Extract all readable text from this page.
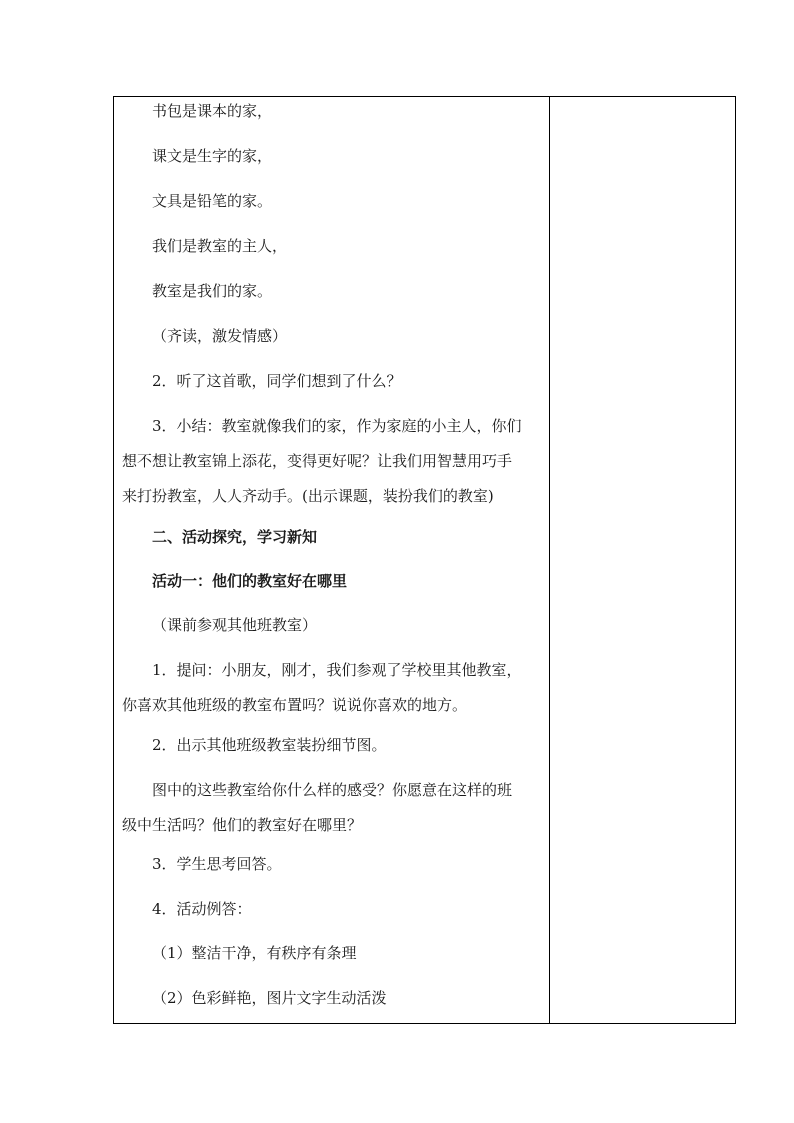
书包是课本的家，
课文是生字的家，
文具是铅笔的家。
我们是教室的主人，
教室是我们的家。
（齐读，激发情感）
2．听了这首歌，同学们想到了什么？
3．小结：教室就像我们的家，作为家庭的小主人，你们
想不想让教室锦上添花，变得更好呢？让我们用智慧用巧手
来打扮教室，人人齐动手。(出示课题，装扮我们的教室)
二、活动探究，学习新知
活动一：他们的教室好在哪里
（课前参观其他班教室）
1．提问：小朋友，刚才，我们参观了学校里其他教室，
你喜欢其他班级的教室布置吗？说说你喜欢的地方。
2．出示其他班级教室装扮细节图。
图中的这些教室给你什么样的感受？你愿意在这样的班
级中生活吗？他们的教室好在哪里？
3．学生思考回答。
4．活动例答：
（1）整洁干净，有秩序有条理
（2）色彩鲜艳，图片文字生动活泼
